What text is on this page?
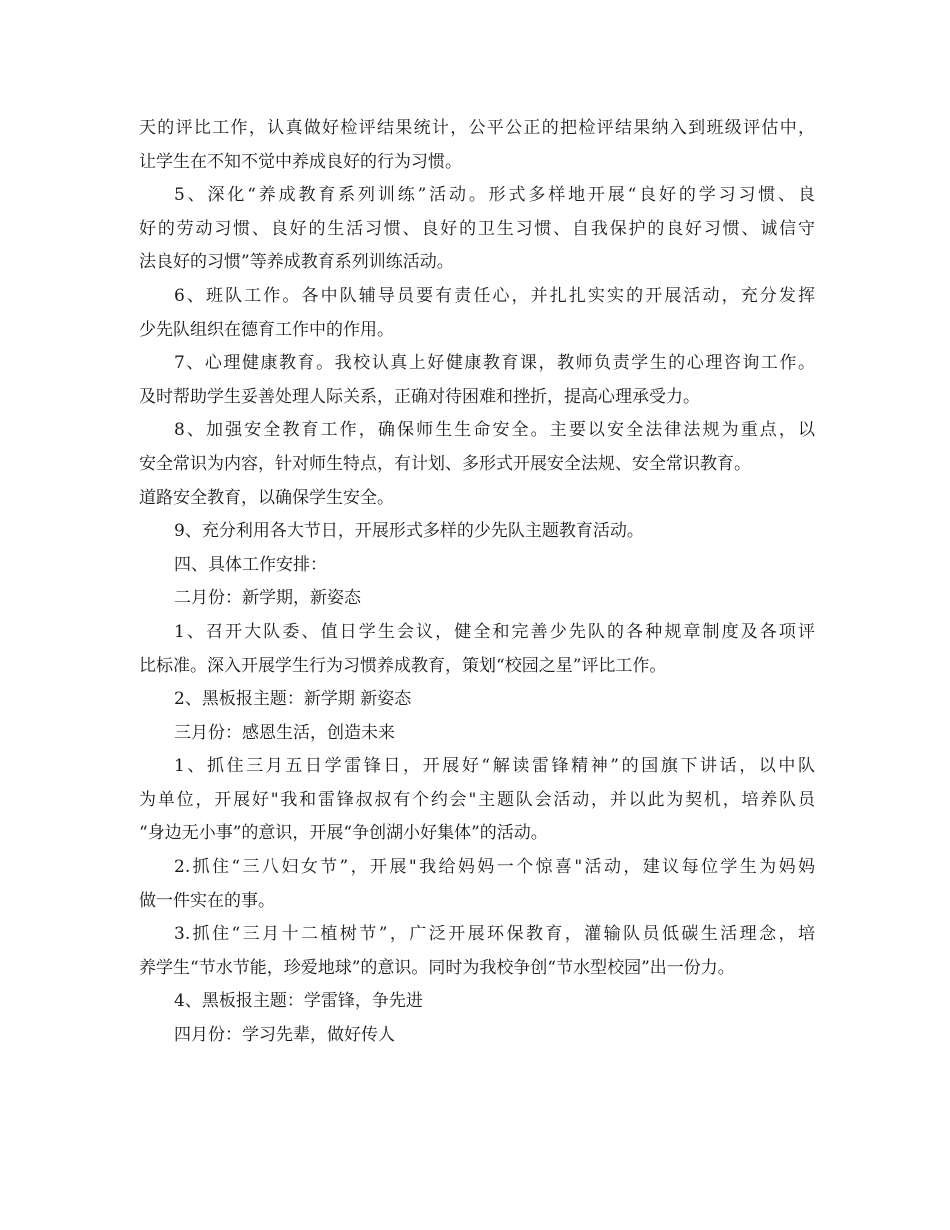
天的评比工作，认真做好检评结果统计，公平公正的把检评结果纳入到班级评估中，
让学生在不知不觉中养成良好的行为习惯。
5、深化“养成教育系列训练”活动。形式多样地开展“良好的学习习惯、良
好的劳动习惯、良好的生活习惯、良好的卫生习惯、自我保护的良好习惯、诚信守
法良好的习惯”等养成教育系列训练活动。
6、班队工作。各中队辅导员要有责任心，并扎扎实实的开展活动，充分发挥
少先队组织在德育工作中的作用。
7、心理健康教育。我校认真上好健康教育课，教师负责学生的心理咨询工作。
及时帮助学生妥善处理人际关系，正确对待困难和挫折，提高心理承受力。
8、加强安全教育工作，确保师生生命安全。主要以安全法律法规为重点，以
安全常识为内容，针对师生特点，有计划、多形式开展安全法规、安全常识教育。
道路安全教育，以确保学生安全。
9、充分利用各大节日，开展形式多样的少先队主题教育活动。
四、具体工作安排：
二月份：新学期，新姿态
1、召开大队委、值日学生会议，健全和完善少先队的各种规章制度及各项评
比标准。深入开展学生行为习惯养成教育，策划“校园之星”评比工作。
2、黑板报主题：新学期 新姿态
三月份：感恩生活，创造未来
1、抓住三月五日学雷锋日，开展好“解读雷锋精神”的国旗下讲话，以中队
为单位，开展好"我和雷锋叔叔有个约会"主题队会活动，并以此为契机，培养队员
“身边无小事”的意识，开展“争创湖小好集体”的活动。
2.抓住“三八妇女节”，开展"我给妈妈一个惊喜"活动，建议每位学生为妈妈
做一件实在的事。
3.抓住“三月十二植树节”，广泛开展环保教育，灌输队员低碳生活理念，培
养学生“节水节能，珍爱地球”的意识。同时为我校争创“节水型校园”出一份力。
4、黑板报主题：学雷锋，争先进
四月份：学习先辈，做好传人
